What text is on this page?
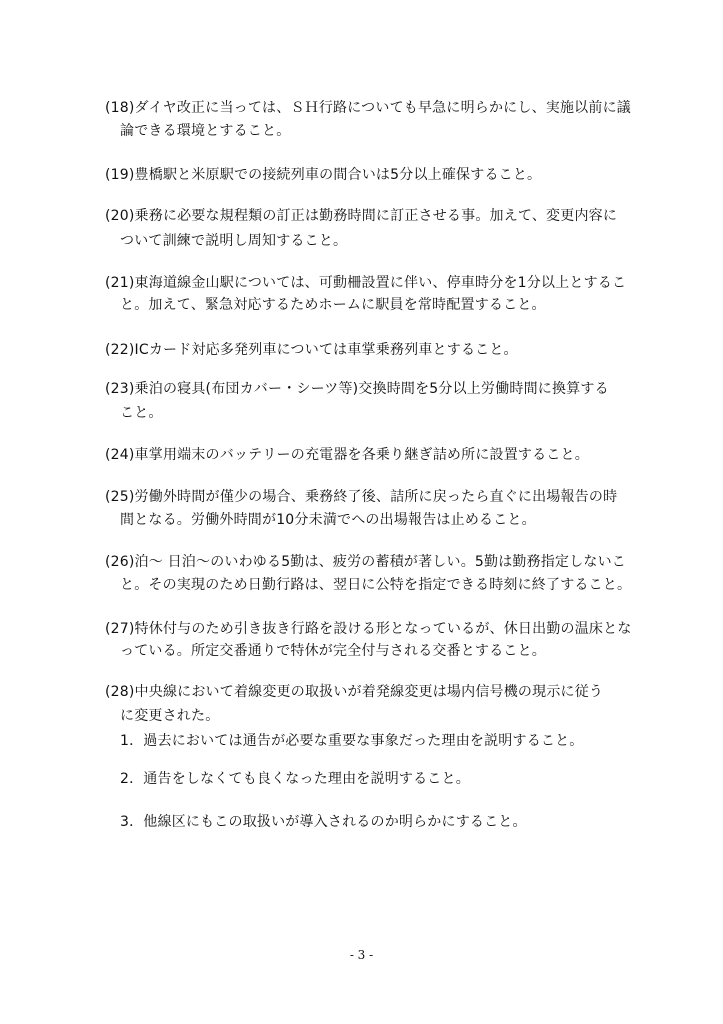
(18)ダイヤ改正に当っては、ＳＨ行路についても早急に明らかにし、実施以前に議
論できる環境とすること。
(19)豊橋駅と米原駅での接続列車の間合いは5分以上確保すること。
(20)乗務に必要な規程類の訂正は勤務時間に訂正させる事。加えて、変更内容に
ついて訓練で説明し周知すること。
(21)東海道線金山駅については、可動柵設置に伴い、停車時分を1分以上とするこ
と。加えて、緊急対応するためホームに駅員を常時配置すること。
(22)ICカード対応多発列車については車掌乗務列車とすること。
(23)乗泊の寝具(布団カバー・シーツ等)交換時間を5分以上労働時間に換算する
こと。
(24)車掌用端末のバッテリーの充電器を各乗り継ぎ詰め所に設置すること。
(25)労働外時間が僅少の場合、乗務終了後、詰所に戻ったら直ぐに出場報告の時
間となる。労働外時間が10分未満でへの出場報告は止めること。
(26)泊～ 日泊～のいわゆる5勤は、疲労の蓄積が著しい。5勤は勤務指定しないこ
と。その実現のため日勤行路は、翌日に公特を指定できる時刻に終了すること。
(27)特休付与のため引き抜き行路を設ける形となっているが、休日出勤の温床とな
っている。所定交番通りで特休が完全付与される交番とすること。
(28)中央線において着線変更の取扱いが着発線変更は場内信号機の現示に従う
に変更された。
1．過去においては通告が必要な重要な事象だった理由を説明すること。
2．通告をしなくても良くなった理由を説明すること。
3．他線区にもこの取扱いが導入されるのか明らかにすること。
- 3 -
